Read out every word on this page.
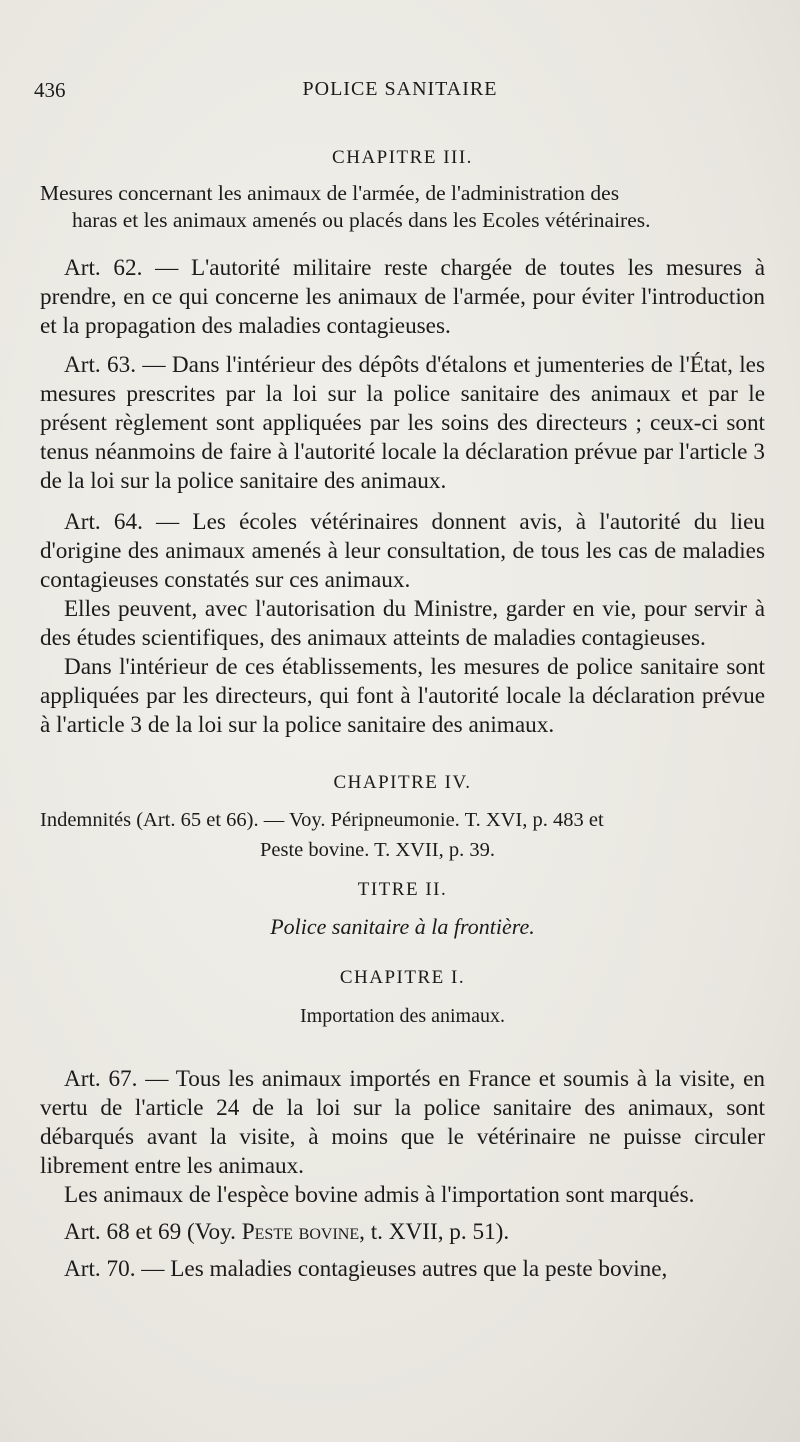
436	POLICE SANITAIRE
CHAPITRE III.
Mesures concernant les animaux de l'armée, de l'administration des
haras et les animaux amenés ou placés dans les Ecoles vétérinaires.

Art. 62. — L'autorité militaire reste chargée de toutes les mesures à prendre, en ce qui concerne les animaux de l'armée, pour éviter l'introduction et la propagation des maladies contagieuses.

Art. 63. — Dans l'intérieur des dépôts d'étalons et jumenteries de l'État, les mesures prescrites par la loi sur la police sanitaire des animaux et par le présent règlement sont appliquées par les soins des directeurs ; ceux-ci sont tenus néanmoins de faire à l'autorité locale la déclaration prévue par l'article 3 de la loi sur la police sanitaire des animaux.

Art. 64. — Les écoles vétérinaires donnent avis, à l'autorité du lieu d'origine des animaux amenés à leur consultation, de tous les cas de maladies contagieuses constatés sur ces animaux.

Elles peuvent, avec l'autorisation du Ministre, garder en vie, pour servir à des études scientifiques, des animaux atteints de maladies contagieuses.

Dans l'intérieur de ces établissements, les mesures de police sanitaire sont appliquées par les directeurs, qui font à l'autorité locale la déclaration prévue à l'article 3 de la loi sur la police sanitaire des animaux.

CHAPITRE IV.
Indemnités (Art. 65 et 66). — Voy. Péripneumonie. T. XVI, p. 483 et
Peste bovine. T. XVII, p. 39.
TITRE II.
Police sanitaire à la frontière.
CHAPITRE I.
Importation des animaux.

Art. 67. — Tous les animaux importés en France et soumis à la visite, en vertu de l'article 24 de la loi sur la police sanitaire des animaux, sont débarqués avant la visite, à moins que le vétérinaire ne puisse circuler librement entre les animaux.

Les animaux de l'espèce bovine admis à l'importation sont marqués.

Art. 68 et 69 (Voy. Peste bovine, t. XVII, p. 51).

Art. 70. — Les maladies contagieuses autres que la peste bovine,
